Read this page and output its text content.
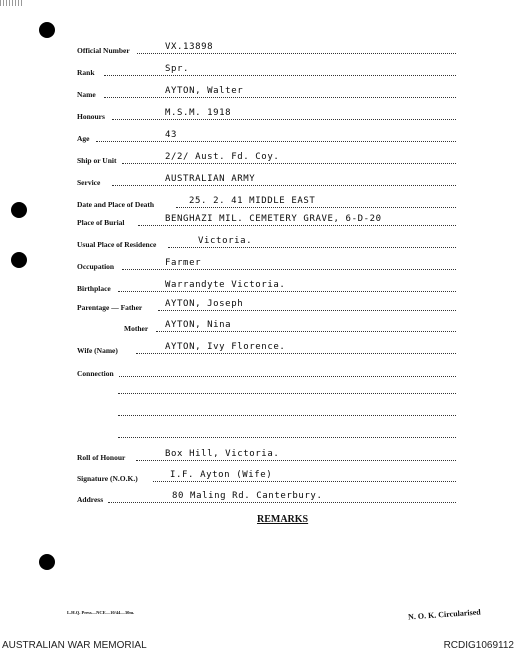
Official Number	VX.13898
Rank	Spr.
Name	AYTON, Walter
Honours	M.S.M. 1918
Age	43
Ship or Unit	2/2/ Aust. Fd. Coy.
Service	AUSTRALIAN ARMY
Date and Place of Death	25. 2. 41 MIDDLE EAST
Place of Burial	BENGHAZI MIL. CEMETERY GRAVE, 6-D-20
Usual Place of Residence	Victoria.
Occupation	Farmer
Birthplace	Warrandyte Victoria.
Parentage — Father	AYTON, Joseph
Mother AYTON, Nina
Wife (Name)	AYTON, Ivy Florence.
Connection
Roll of Honour	Box Hill, Victoria.
Signature (N.O.K.)	I.F. Ayton (Wife)
Address	80 Maling Rd. Canterbury.
REMARKS
L.H.Q. Press—NCE—10/44—30m.	N. O. K. Circularised
AUSTRALIAN WAR MEMORIAL	RCDIG1069112
